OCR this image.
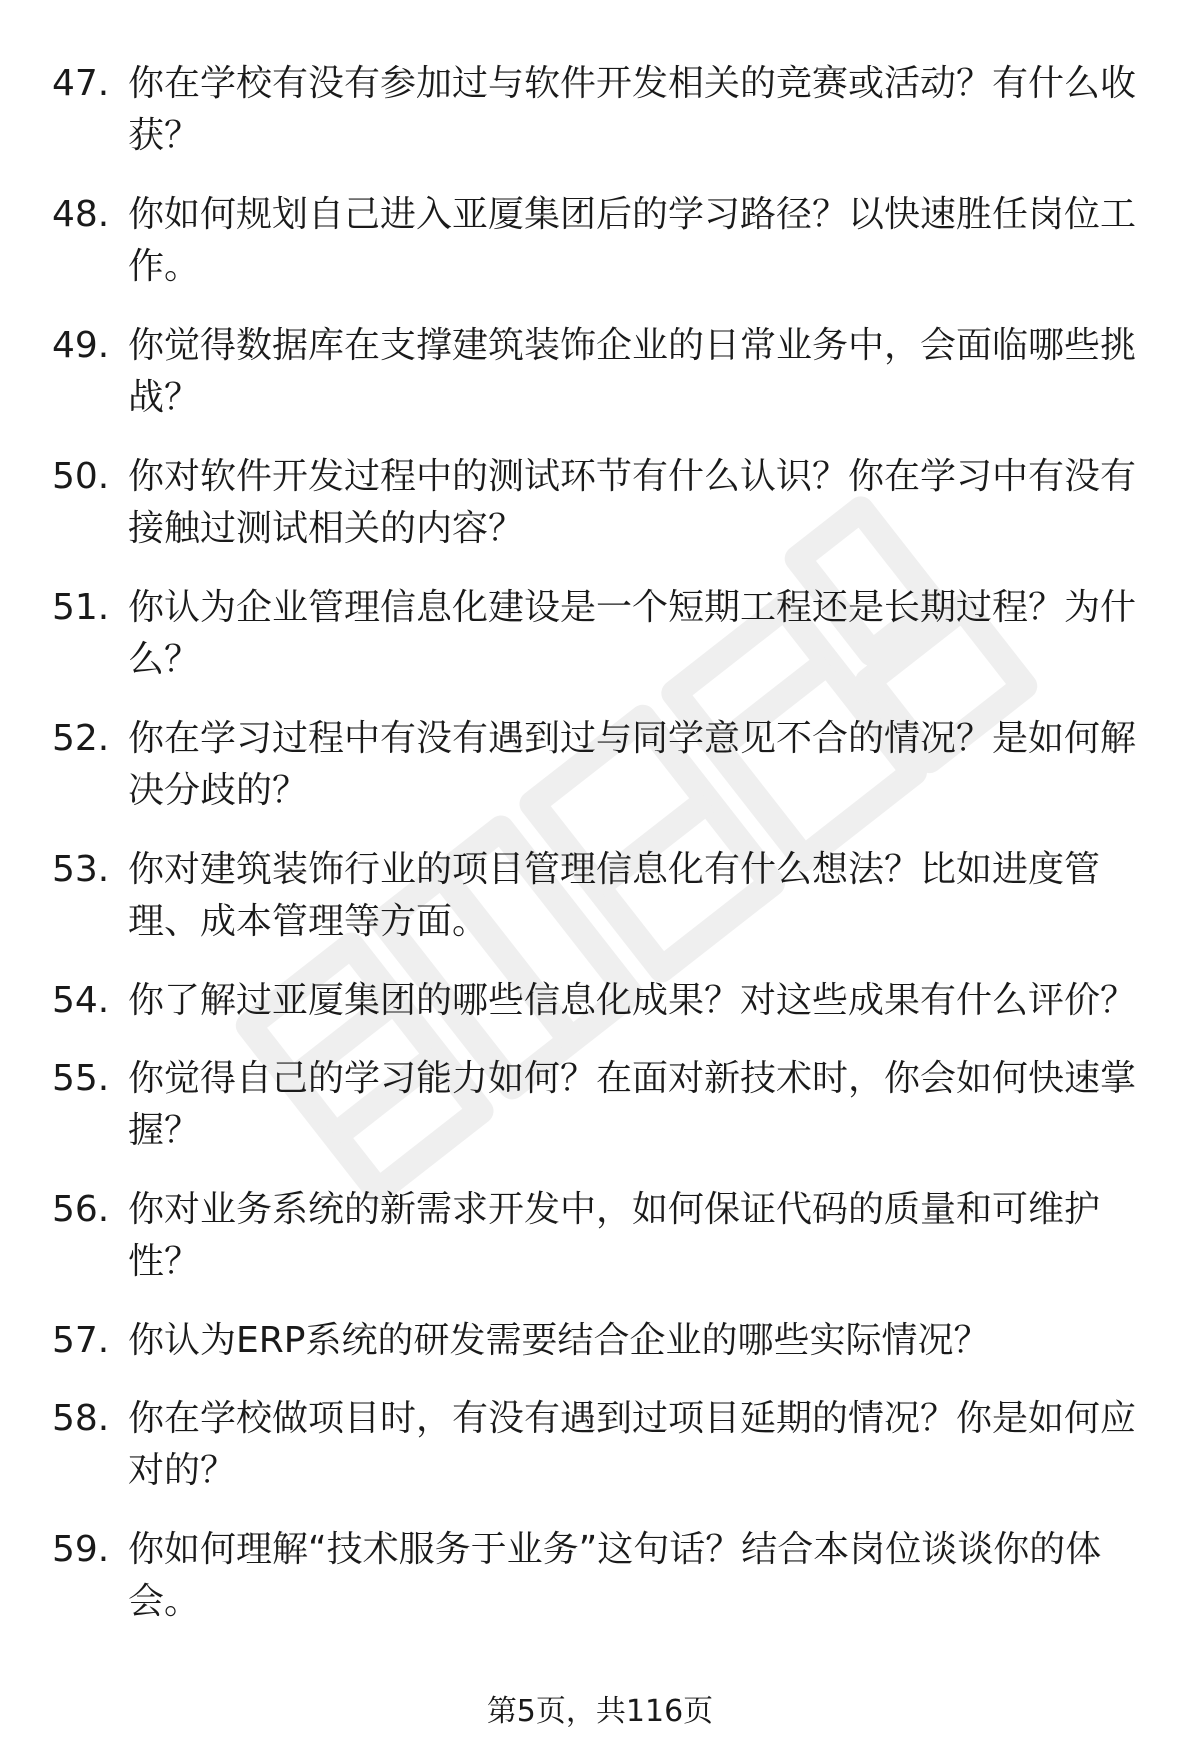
47. 你在学校有没有参加过与软件开发相关的竞赛或活动？有什么收获？
48. 你如何规划自己进入亚厦集团后的学习路径？以快速胜任岗位工作。
49. 你觉得数据库在支撑建筑装饰企业的日常业务中，会面临哪些挑战？
50. 你对软件开发过程中的测试环节有什么认识？你在学习中有没有接触过测试相关的内容？
51. 你认为企业管理信息化建设是一个短期工程还是长期过程？为什么？
52. 你在学习过程中有没有遇到过与同学意见不合的情况？是如何解决分歧的？
53. 你对建筑装饰行业的项目管理信息化有什么想法？比如进度管理、成本管理等方面。
54. 你了解过亚厦集团的哪些信息化成果？对这些成果有什么评价？
55. 你觉得自己的学习能力如何？在面对新技术时，你会如何快速掌握？
56. 你对业务系统的新需求开发中，如何保证代码的质量和可维护性？
57. 你认为ERP系统的研发需要结合企业的哪些实际情况？
58. 你在学校做项目时，有没有遇到过项目延期的情况？你是如何应对的？
59. 你如何理解“技术服务于业务”这句话？结合本岗位谈谈你的体会。
第5页，共116页
